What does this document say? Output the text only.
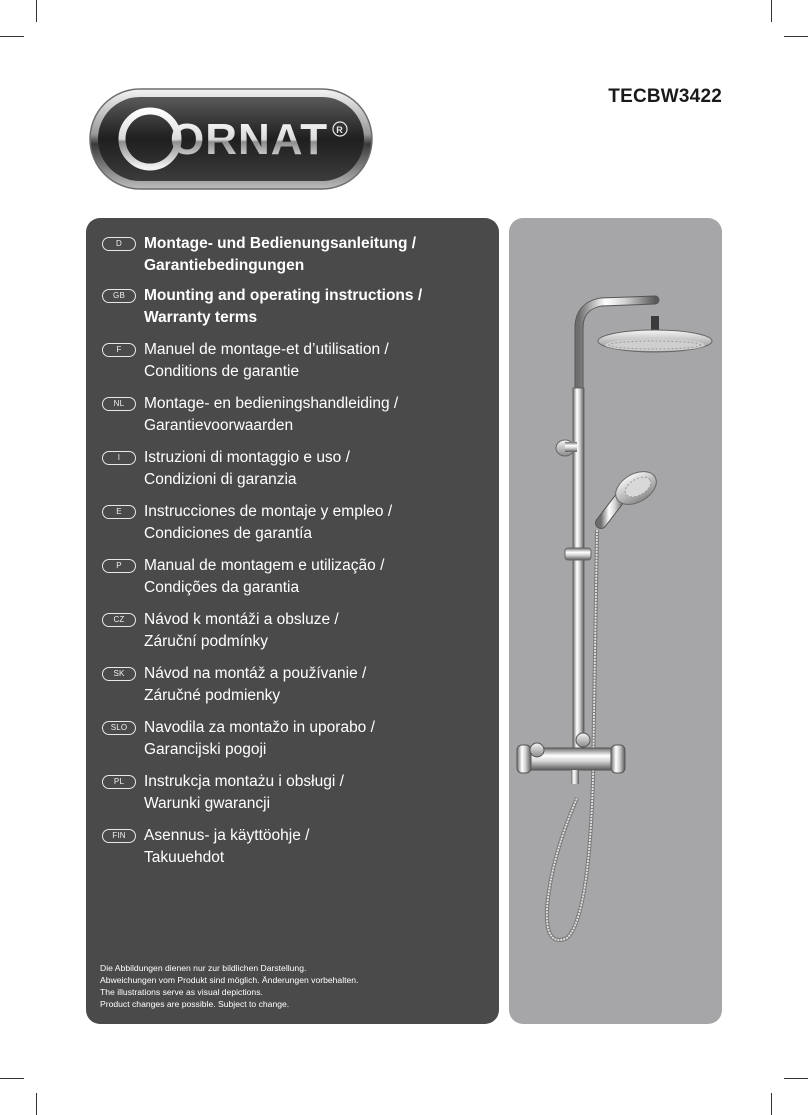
TECBW3422
ORNAT R
D	Montage- und Bedienungsanleitung /
Garantiebedingungen
GB	Mounting and operating instructions /
Warranty terms
F	Manuel de montage-et d’utilisation /
Conditions de garantie
NL	Montage- en bedieningshandleiding /
Garantievoorwaarden
I	Istruzioni di montaggio e uso /
Condizioni di garanzia
E	Instrucciones de montaje y empleo /
Condiciones de garantía
P	Manual de montagem e utilização /
Condições da garantia
CZ	Návod k montáži a obsluze /
Záruční podmínky
SK	Návod na montáž a používanie /
Záručné podmienky
SLO	Navodila za montažo in uporabo /
Garancijski pogoji
PL	Instrukcja montażu i obsługi /
Warunki gwarancji
FIN	Asennus- ja käyttöohje /
Takuuehdot
Die Abbildungen dienen nur zur bildlichen Darstellung.
Abweichungen vom Produkt sind möglich. Änderungen vorbehalten.
The illustrations serve as visual depictions.
Product changes are possible. Subject to change.
